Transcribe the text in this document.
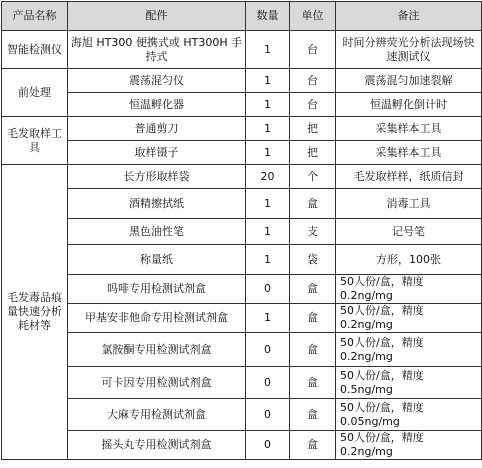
产品名称	配件	数量	单位	备注
智能检测仪	海旭 HT300 便携式或 HT300H 手持式	1	台	时间分辨荧光分析法现场快速测试仪
前处理	震荡混匀仪	1	台	震荡混匀加速裂解
	恒温孵化器	1	台	恒温孵化倒计时
毛发取样工具	普通剪刀	1	把	采集样本工具
	取样镊子	1	把	采集样本工具
毛发毒品痕量快速分析耗材等	长方形取样袋	20	个	毛发取样样，纸质信封
	酒精擦拭纸	1	盒	消毒工具
	黑色油性笔	1	支	记号笔
	称量纸	1	袋	方形，100张
	吗啡专用检测试剂盒	0	盒	50人份/盒，精度 0.2ng/mg
	甲基安非他命专用检测试剂盒	1	盒	50人份/盒，精度 0.2ng/mg
	氯胺酮专用检测试剂盒	0	盒	50人份/盒，精度 0.2ng/mg
	可卡因专用检测试剂盒	0	盒	50人份/盒，精度 0.5ng/mg
	大麻专用检测试剂盒	0	盒	50人份/盒，精度 0.05ng/mg
	摇头丸专用检测试剂盒	0	盒	50人份/盒，精度 0.2ng/mg
